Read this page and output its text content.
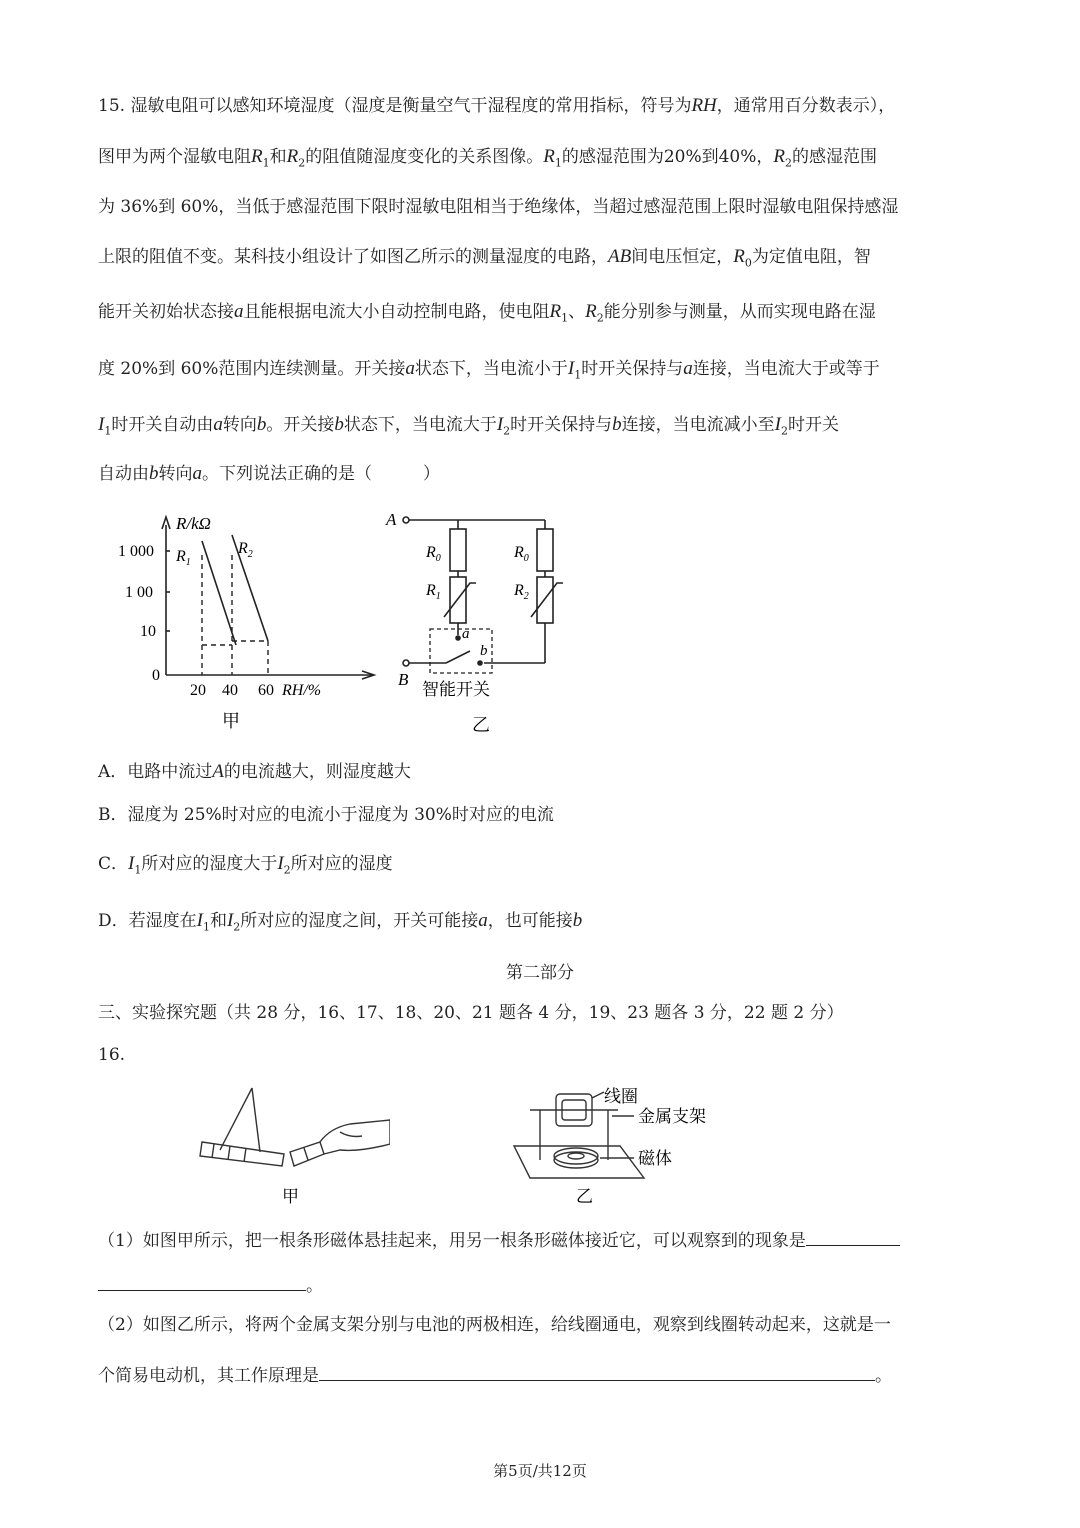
15. 湿敏电阻可以感知环境湿度（湿度是衡量空气干湿程度的常用指标，符号为RH，通常用百分数表示），
图甲为两个湿敏电阻$R_1$和$R_2$的阻值随湿度变化的关系图像。$R_1$的感湿范围为20%到40%，$R_2$的感湿范围
为 36%到 60%，当低于感湿范围下限时湿敏电阻相当于绝缘体，当超过感湿范围上限时湿敏电阻保持感湿
上限的阻值不变。某科技小组设计了如图乙所示的测量湿度的电路，AB间电压恒定，$R_0$为定值电阻，智
能开关初始状态接a且能根据电流大小自动控制电路，使电阻$R_1$、$R_2$能分别参与测量，从而实现电路在湿
度 20%到 60%范围内连续测量。开关接a状态下，当电流小于$I_1$时开关保持与a连接，当电流大于或等于
$I_1$时开关自动由a转向b。开关接b状态下，当电流大于$I_2$时开关保持与b连接，当电流减小至$I_2$时开关
自动由b转向a。下列说法正确的是（　　　）
R/kΩ
1 000
1 00
10
0
20 40 60 RH/%
$R_1$
$R_2$
甲
A
B
$R_0$
$R_1$
$R_0$
$R_2$
a
b
智能开关
乙
A．电路中流过A的电流越大，则湿度越大
B．湿度为 25%时对应的电流小于湿度为 30%时对应的电流
C．$I_1$所对应的湿度大于$I_2$所对应的湿度
D．若湿度在$I_1$和$I_2$所对应的湿度之间，开关可能接a，也可能接b
第二部分
三、实验探究题（共 28 分，16、17、18、20、21 题各 4 分，19、23 题各 3 分，22 题 2 分）
16.
甲
线圈
金属支架
磁体
乙
（1）如图甲所示，把一根条形磁体悬挂起来，用另一根条形磁体接近它，可以观察到的现象是
。
（2）如图乙所示，将两个金属支架分别与电池的两极相连，给线圈通电，观察到线圈转动起来，这就是一
个简易电动机，其工作原理是	。
第5页/共12页
